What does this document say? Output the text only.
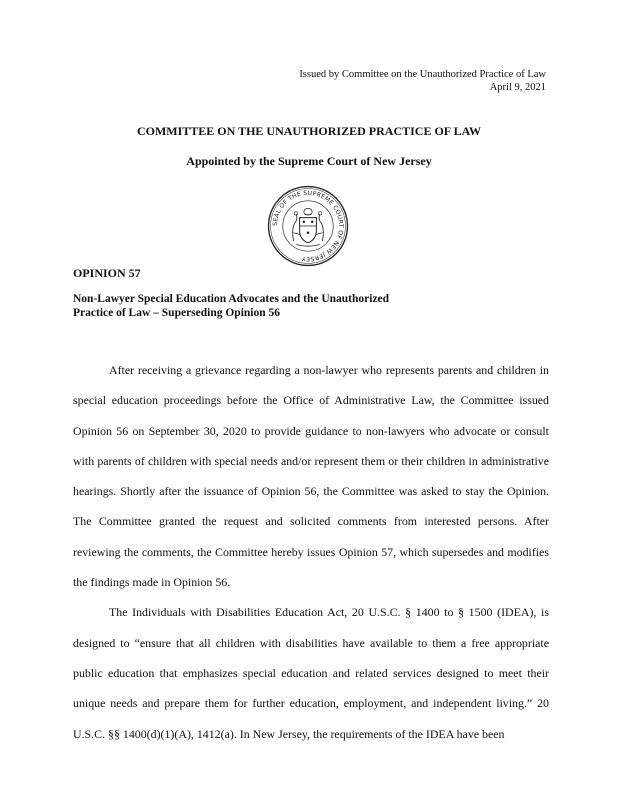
Issued by Committee on the Unauthorized Practice of Law
April 9, 2021
COMMITTEE ON THE UNAUTHORIZED PRACTICE OF LAW
Appointed by the Supreme Court of New Jersey
SEAL OF THE SUPREME COURT OF NEW JERSEY
OPINION 57
Non-Lawyer Special Education Advocates and the Unauthorized Practice of Law – Superseding Opinion 56

After receiving a grievance regarding a non-lawyer who represents parents and children in special education proceedings before the Office of Administrative Law, the Committee issued Opinion 56 on September 30, 2020 to provide guidance to non-lawyers who advocate or consult with parents of children with special needs and/or represent them or their children in administrative hearings. Shortly after the issuance of Opinion 56, the Committee was asked to stay the Opinion. The Committee granted the request and solicited comments from interested persons. After reviewing the comments, the Committee hereby issues Opinion 57, which supersedes and modifies the findings made in Opinion 56.

The Individuals with Disabilities Education Act, 20 U.S.C. § 1400 to § 1500 (IDEA), is designed to “ensure that all children with disabilities have available to them a free appropriate public education that emphasizes special education and related services designed to meet their unique needs and prepare them for further education, employment, and independent living.” 20 U.S.C. §§ 1400(d)(1)(A), 1412(a). In New Jersey, the requirements of the IDEA have been
